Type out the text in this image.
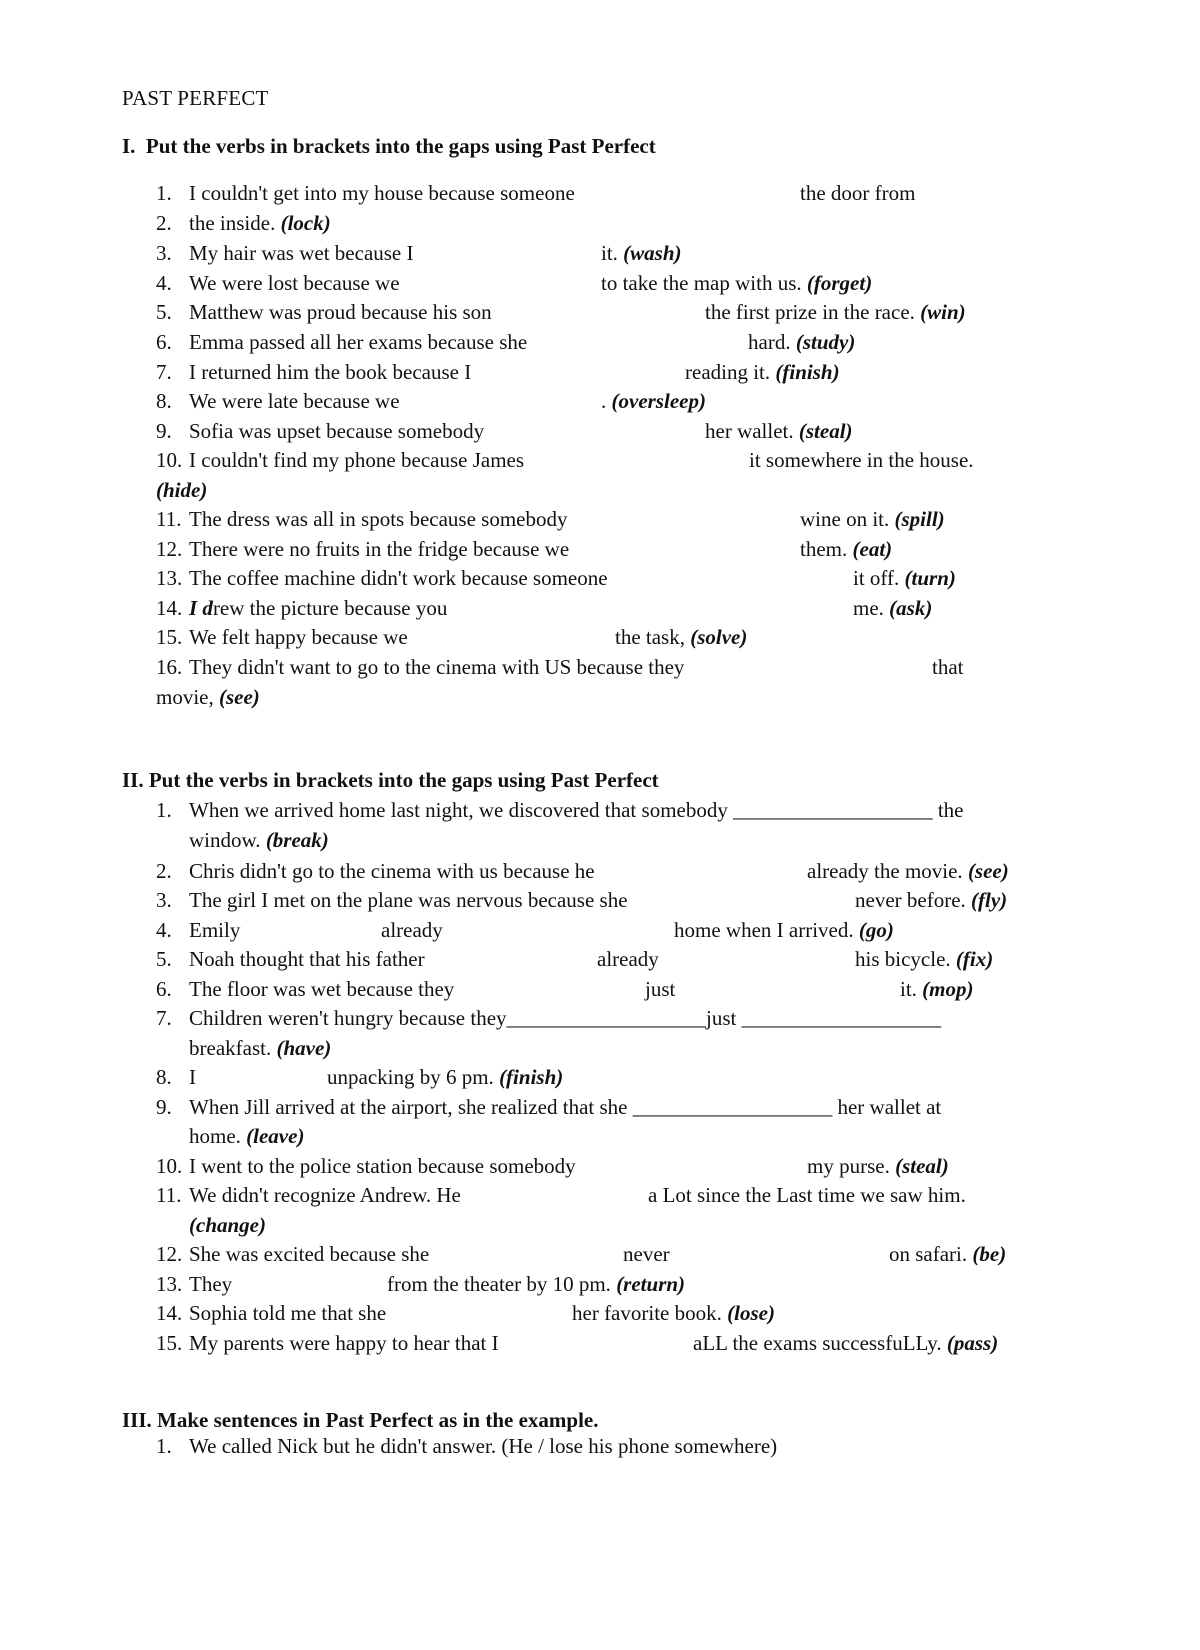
PAST PERFECT
I.  Put the verbs in brackets into the gaps using Past Perfect
1. I couldn't get into my house because someone	the door from
2. the inside. (lock)
3. My hair was wet because I	it. (wash)
4. We were lost because we	to take the map with us. (forget)
5. Matthew was proud because his son	the first prize in the race. (win)
6. Emma passed all her exams because she	hard. (study)
7. I returned him the book because I	reading it. (finish)
8. We were late because we	. (oversleep)
9. Sofia was upset because somebody	her wallet. (steal)
10. I couldn't find my phone because James	it somewhere in the house.
(hide)
11. The dress was all in spots because somebody	wine on it. (spill)
12. There were no fruits in the fridge because we	them. (eat)
13. The coffee machine didn't work because someone	it off. (turn)
14. I drew the picture because you	me. (ask)
15. We felt happy because we	the task, (solve)
16. They didn't want to go to the cinema with US because they	that
movie, (see)
II. Put the verbs in brackets into the gaps using Past Perfect
1. When we arrived home last night, we discovered that somebody ___________________ the
window. (break)
2. Chris didn't go to the cinema with us because he	already the movie. (see)
3. The girl I met on the plane was nervous because she	never before. (fly)
4. Emily	already	home when I arrived. (go)
5. Noah thought that his father	already	his bicycle. (fix)
6. The floor was wet because they	just	it. (mop)
7. Children weren't hungry because they___________________just ___________________
breakfast. (have)
8. I	unpacking by 6 pm. (finish)
9. When Jill arrived at the airport, she realized that she ___________________ her wallet at
home. (leave)
10. I went to the police station because somebody	my purse. (steal)
11. We didn't recognize Andrew. He	a Lot since the Last time we saw him.
(change)
12. She was excited because she	never	on safari. (be)
13. They	from the theater by 10 pm. (return)
14. Sophia told me that she	her favorite book. (lose)
15. My parents were happy to hear that I	aLL the exams successfuLLy. (pass)
III. Make sentences in Past Perfect as in the example.
1. We called Nick but he didn't answer. (He / lose his phone somewhere)
